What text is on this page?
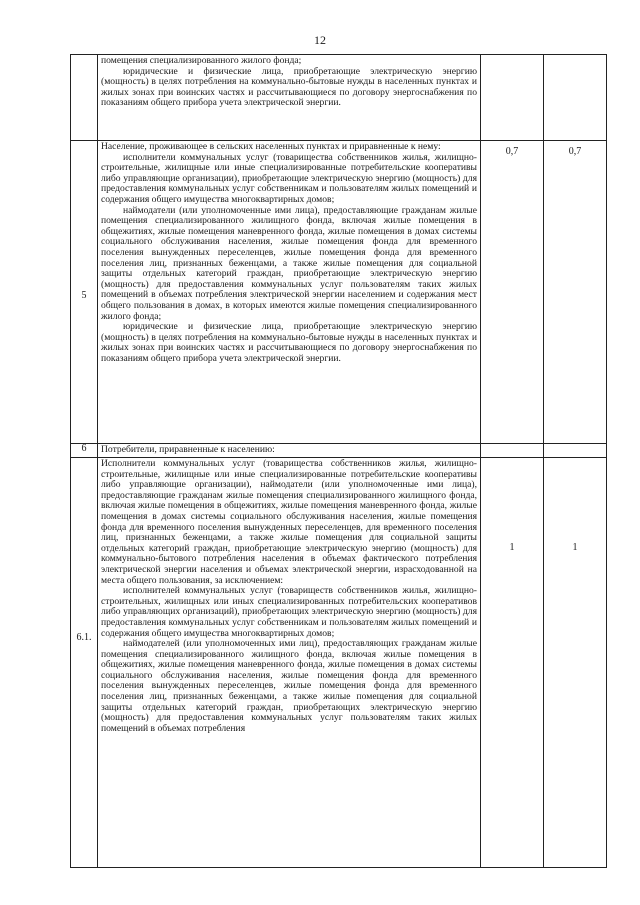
12

	помещения специализированного жилого фонда;

юридические и физические лица, приобретающие электрическую энергию (мощность) в целях потребления на коммунально-бытовые нужды в населенных пунктах и жилых зонах при воинских частях и рассчитывающиеся по договору энергоснабжения по показаниям общего прибора учета электрической энергии.		

5	Население, проживающее в сельских населенных пунктах и приравненные к нему:

исполнители коммунальных услуг (товарищества собственников жилья, жилищно-строительные, жилищные или иные специализированные потребительские кооперативы либо управляющие организации), приобретающие электрическую энергию (мощность) для предоставления коммунальных услуг собственникам и пользователям жилых помещений и содержания общего имущества многоквартирных домов;

наймодатели (или уполномоченные ими лица), предоставляющие гражданам жилые помещения специализированного жилищного фонда, включая жилые помещения в общежитиях, жилые помещения маневренного фонда, жилые помещения в домах системы социального обслуживания населения, жилые помещения фонда для временного поселения вынужденных переселенцев, жилые помещения фонда для временного поселения лиц, признанных беженцами, а также жилые помещения для социальной защиты отдельных категорий граждан, приобретающие электрическую энергию (мощность) для предоставления коммунальных услуг пользователям таких жилых помещений в объемах потребления электрической энергии населением и содержания мест общего пользования в домах, в которых имеются жилые помещения специализированного жилого фонда;

юридические и физические лица, приобретающие электрическую энергию (мощность) в целях потребления на коммунально-бытовые нужды в населенных пунктах и жилых зонах при воинских частях и рассчитывающиеся по договору энергоснабжения по показаниям общего прибора учета электрической энергии.	0,7	0,7
6	Потребители, приравненные к населению:		

6.1.	Исполнители коммунальных услуг (товарищества собственников жилья, жилищно-строительные, жилищные или иные специализированные потребительские кооперативы либо управляющие организации), наймодатели (или уполномоченные ими лица), предоставляющие гражданам жилые помещения специализированного жилищного фонда, включая жилые помещения в общежитиях, жилые помещения маневренного фонда, жилые помещения в домах системы социального обслуживания населения, жилые помещения фонда для временного поселения вынужденных переселенцев, для временного поселения лиц, признанных беженцами, а также жилые помещения для социальной защиты отдельных категорий граждан, приобретающие электрическую энергию (мощность) для коммунально-бытового потребления населения в объемах фактического потребления электрической энергии населения и объемах электрической энергии, израсходованной на места общего пользования, за исключением:

исполнителей коммунальных услуг (товариществ собственников жилья, жилищно-строительных, жилищных или иных специализированных потребительских кооперативов либо управляющих организаций), приобретающих электрическую энергию (мощность) для предоставления коммунальных услуг собственникам и пользователям жилых помещений и содержания общего имущества многоквартирных домов;

наймодателей (или уполномоченных ими лиц), предоставляющих гражданам жилые помещения специализированного жилищного фонда, включая жилые помещения в общежитиях, жилые помещения маневренного фонда, жилые помещения в домах системы социального обслуживания населения, жилые помещения фонда для временного поселения вынужденных переселенцев, жилые помещения фонда для временного поселения лиц, признанных беженцами, а также жилые помещения для социальной защиты отдельных категорий граждан, приобретающих электрическую энергию (мощность) для предоставления коммунальных услуг пользователям таких жилых помещений в объемах потребления	1	1
